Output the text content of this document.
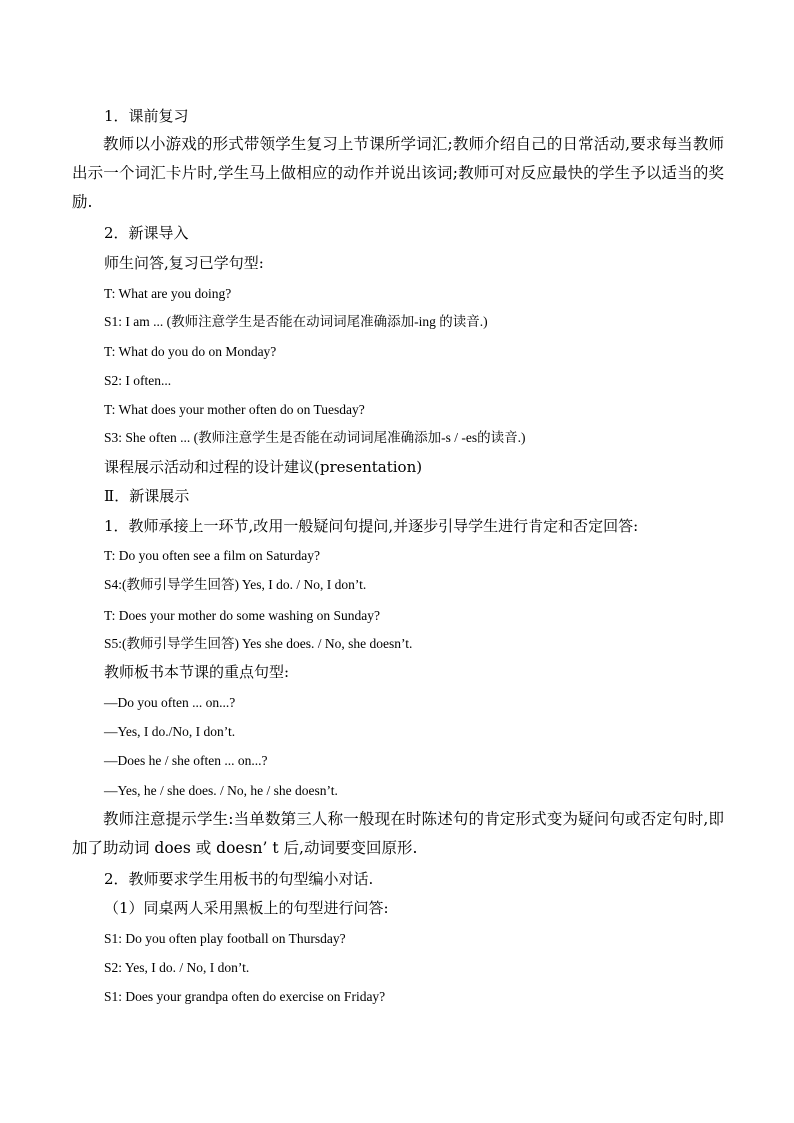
1．课前复习
教师以小游戏的形式带领学生复习上节课所学词汇;教师介绍自己的日常活动,要求每当教师出示一个词汇卡片时,学生马上做相应的动作并说出该词;教师可对反应最快的学生予以适当的奖励.
2．新课导入
师生问答,复习已学句型:
T: What are you doing?
S1: I am ... (教师注意学生是否能在动词词尾准确添加-ing 的读音.)
T: What do you do on Monday?
S2: I often...
T: What does your mother often do on Tuesday?
S3: She often ... (教师注意学生是否能在动词词尾准确添加-s / -es的读音.)
课程展示活动和过程的设计建议(presentation)
Ⅱ．新课展示
1．教师承接上一环节,改用一般疑问句提问,并逐步引导学生进行肯定和否定回答:
T: Do you often see a film on Saturday?
S4:(教师引导学生回答) Yes, I do. / No, I don’t.
T: Does your mother do some washing on Sunday?
S5:(教师引导学生回答) Yes she does. / No, she doesn’t.
教师板书本节课的重点句型:
—Do you often ... on...?
—Yes, I do./No, I don’t.
—Does he / she often ... on...?
—Yes, he / she does. / No, he / she doesn’t.
教师注意提示学生:当单数第三人称一般现在时陈述句的肯定形式变为疑问句或否定句时,即加了助动词 does 或 doesn’ t 后,动词要变回原形.
2．教师要求学生用板书的句型编小对话.
（1）同桌两人采用黑板上的句型进行问答:
S1: Do you often play football on Thursday?
S2: Yes, I do. / No, I don’t.
S1: Does your grandpa often do exercise on Friday?
